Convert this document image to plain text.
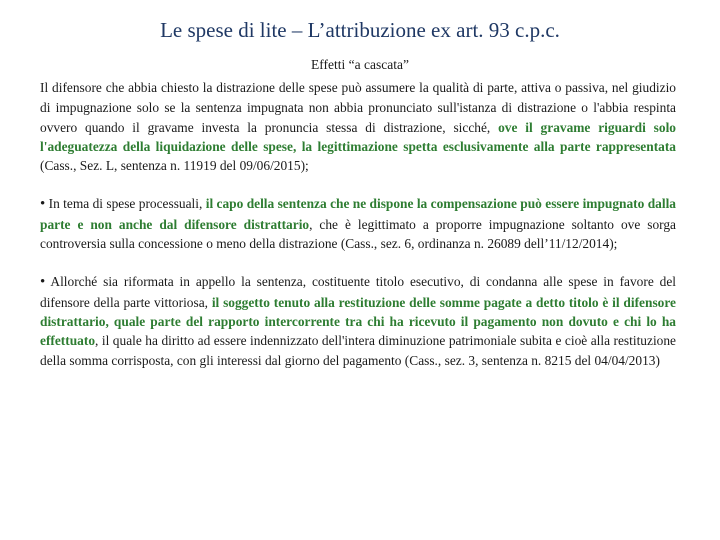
Le spese di lite – L’attribuzione ex art. 93 c.p.c.
Effetti “a cascata”

Il difensore che abbia chiesto la distrazione delle spese può assumere la qualità di parte, attiva o passiva, nel giudizio di impugnazione solo se la sentenza impugnata non abbia pronunciato sull'istanza di distrazione o l'abbia respinta ovvero quando il gravame investa la pronuncia stessa di distrazione, sicché, ove il gravame riguardi solo l'adeguatezza della liquidazione delle spese, la legittimazione spetta esclusivamente alla parte rappresentata (Cass., Sez. L, sentenza n. 11919 del 09/06/2015);

• In tema di spese processuali, il capo della sentenza che ne dispone la compensazione può essere impugnato dalla parte e non anche dal difensore distrattario, che è legittimato a proporre impugnazione soltanto ove sorga controversia sulla concessione o meno della distrazione (Cass., sez. 6, ordinanza n. 26089 dell’11/12/2014);

• Allorché sia riformata in appello la sentenza, costituente titolo esecutivo, di condanna alle spese in favore del difensore della parte vittoriosa, il soggetto tenuto alla restituzione delle somme pagate a detto titolo è il difensore distrattario, quale parte del rapporto intercorrente tra chi ha ricevuto il pagamento non dovuto e chi lo ha effettuato, il quale ha diritto ad essere indennizzato dell'intera diminuzione patrimoniale subita e cioè alla restituzione della somma corrisposta, con gli interessi dal giorno del pagamento (Cass., sez. 3, sentenza n. 8215 del 04/04/2013)
